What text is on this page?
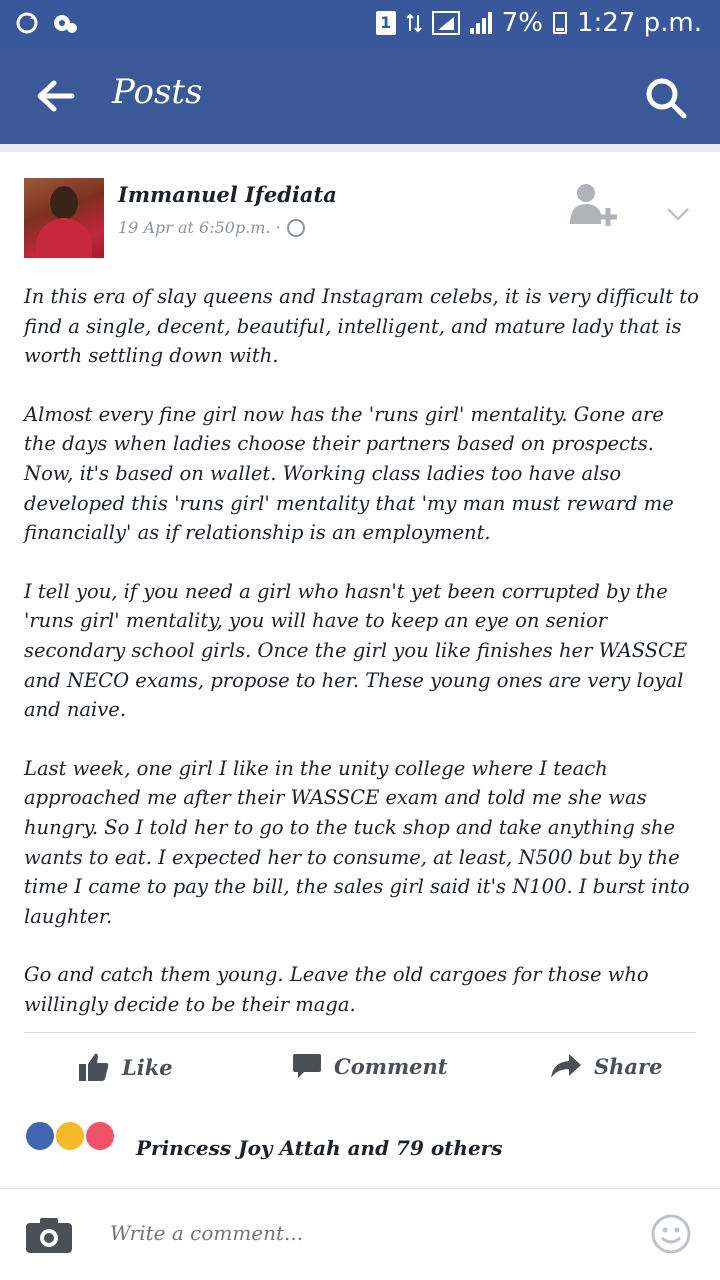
1	7% 1:27 p.m.
Posts
Immanuel Ifediata
19 Apr at 6:50p.m. ·

In this era of slay queens and Instagram celebs, it is very difficult to find a single, decent, beautiful, intelligent, and mature lady that is worth settling down with.

Almost every fine girl now has the 'runs girl' mentality. Gone are the days when ladies choose their partners based on prospects. Now, it's based on wallet. Working class ladies too have also developed this 'runs girl' mentality that 'my man must reward me financially' as if relationship is an employment.

I tell you, if you need a girl who hasn't yet been corrupted by the 'runs girl' mentality, you will have to keep an eye on senior secondary school girls. Once the girl you like finishes her WASSCE and NECO exams, propose to her. These young ones are very loyal and naive.

Last week, one girl I like in the unity college where I teach approached me after their WASSCE exam and told me she was hungry. So I told her to go to the tuck shop and take anything she wants to eat. I expected her to consume, at least, N500 but by the time I came to pay the bill, the sales girl said it's N100. I burst into laughter.

Go and catch them young. Leave the old cargoes for those who willingly decide to be their maga.

Like	Comment	Share
Princess Joy Attah and 79 others
Write a comment...
